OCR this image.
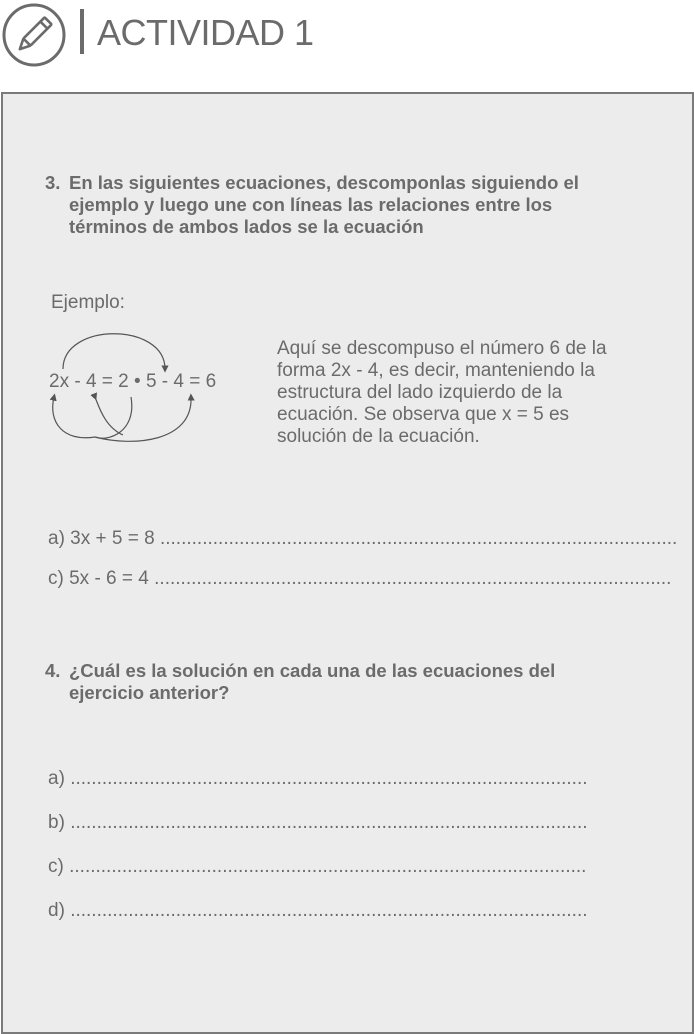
ACTIVIDAD 1
3. En las siguientes ecuaciones, descomponlas siguiendo el
ejemplo y luego une con líneas las relaciones entre los
términos de ambos lados se la ecuación
Ejemplo:
2x - 4 = 2 • 5 - 4 = 6
Aquí se descompuso el número 6 de la
forma 2x - 4, es decir, manteniendo la
estructura del lado izquierdo de la
ecuación. Se observa que x = 5 es
solución de la ecuación.
a) 3x + 5 = 8 ..................................................................................................
c) 5x - 6 = 4 ..................................................................................................
4. ¿Cuál es la solución en cada una de las ecuaciones del
ejercicio anterior?
a) ..................................................................................................
b) ..................................................................................................
c) ..................................................................................................
d) ..................................................................................................
